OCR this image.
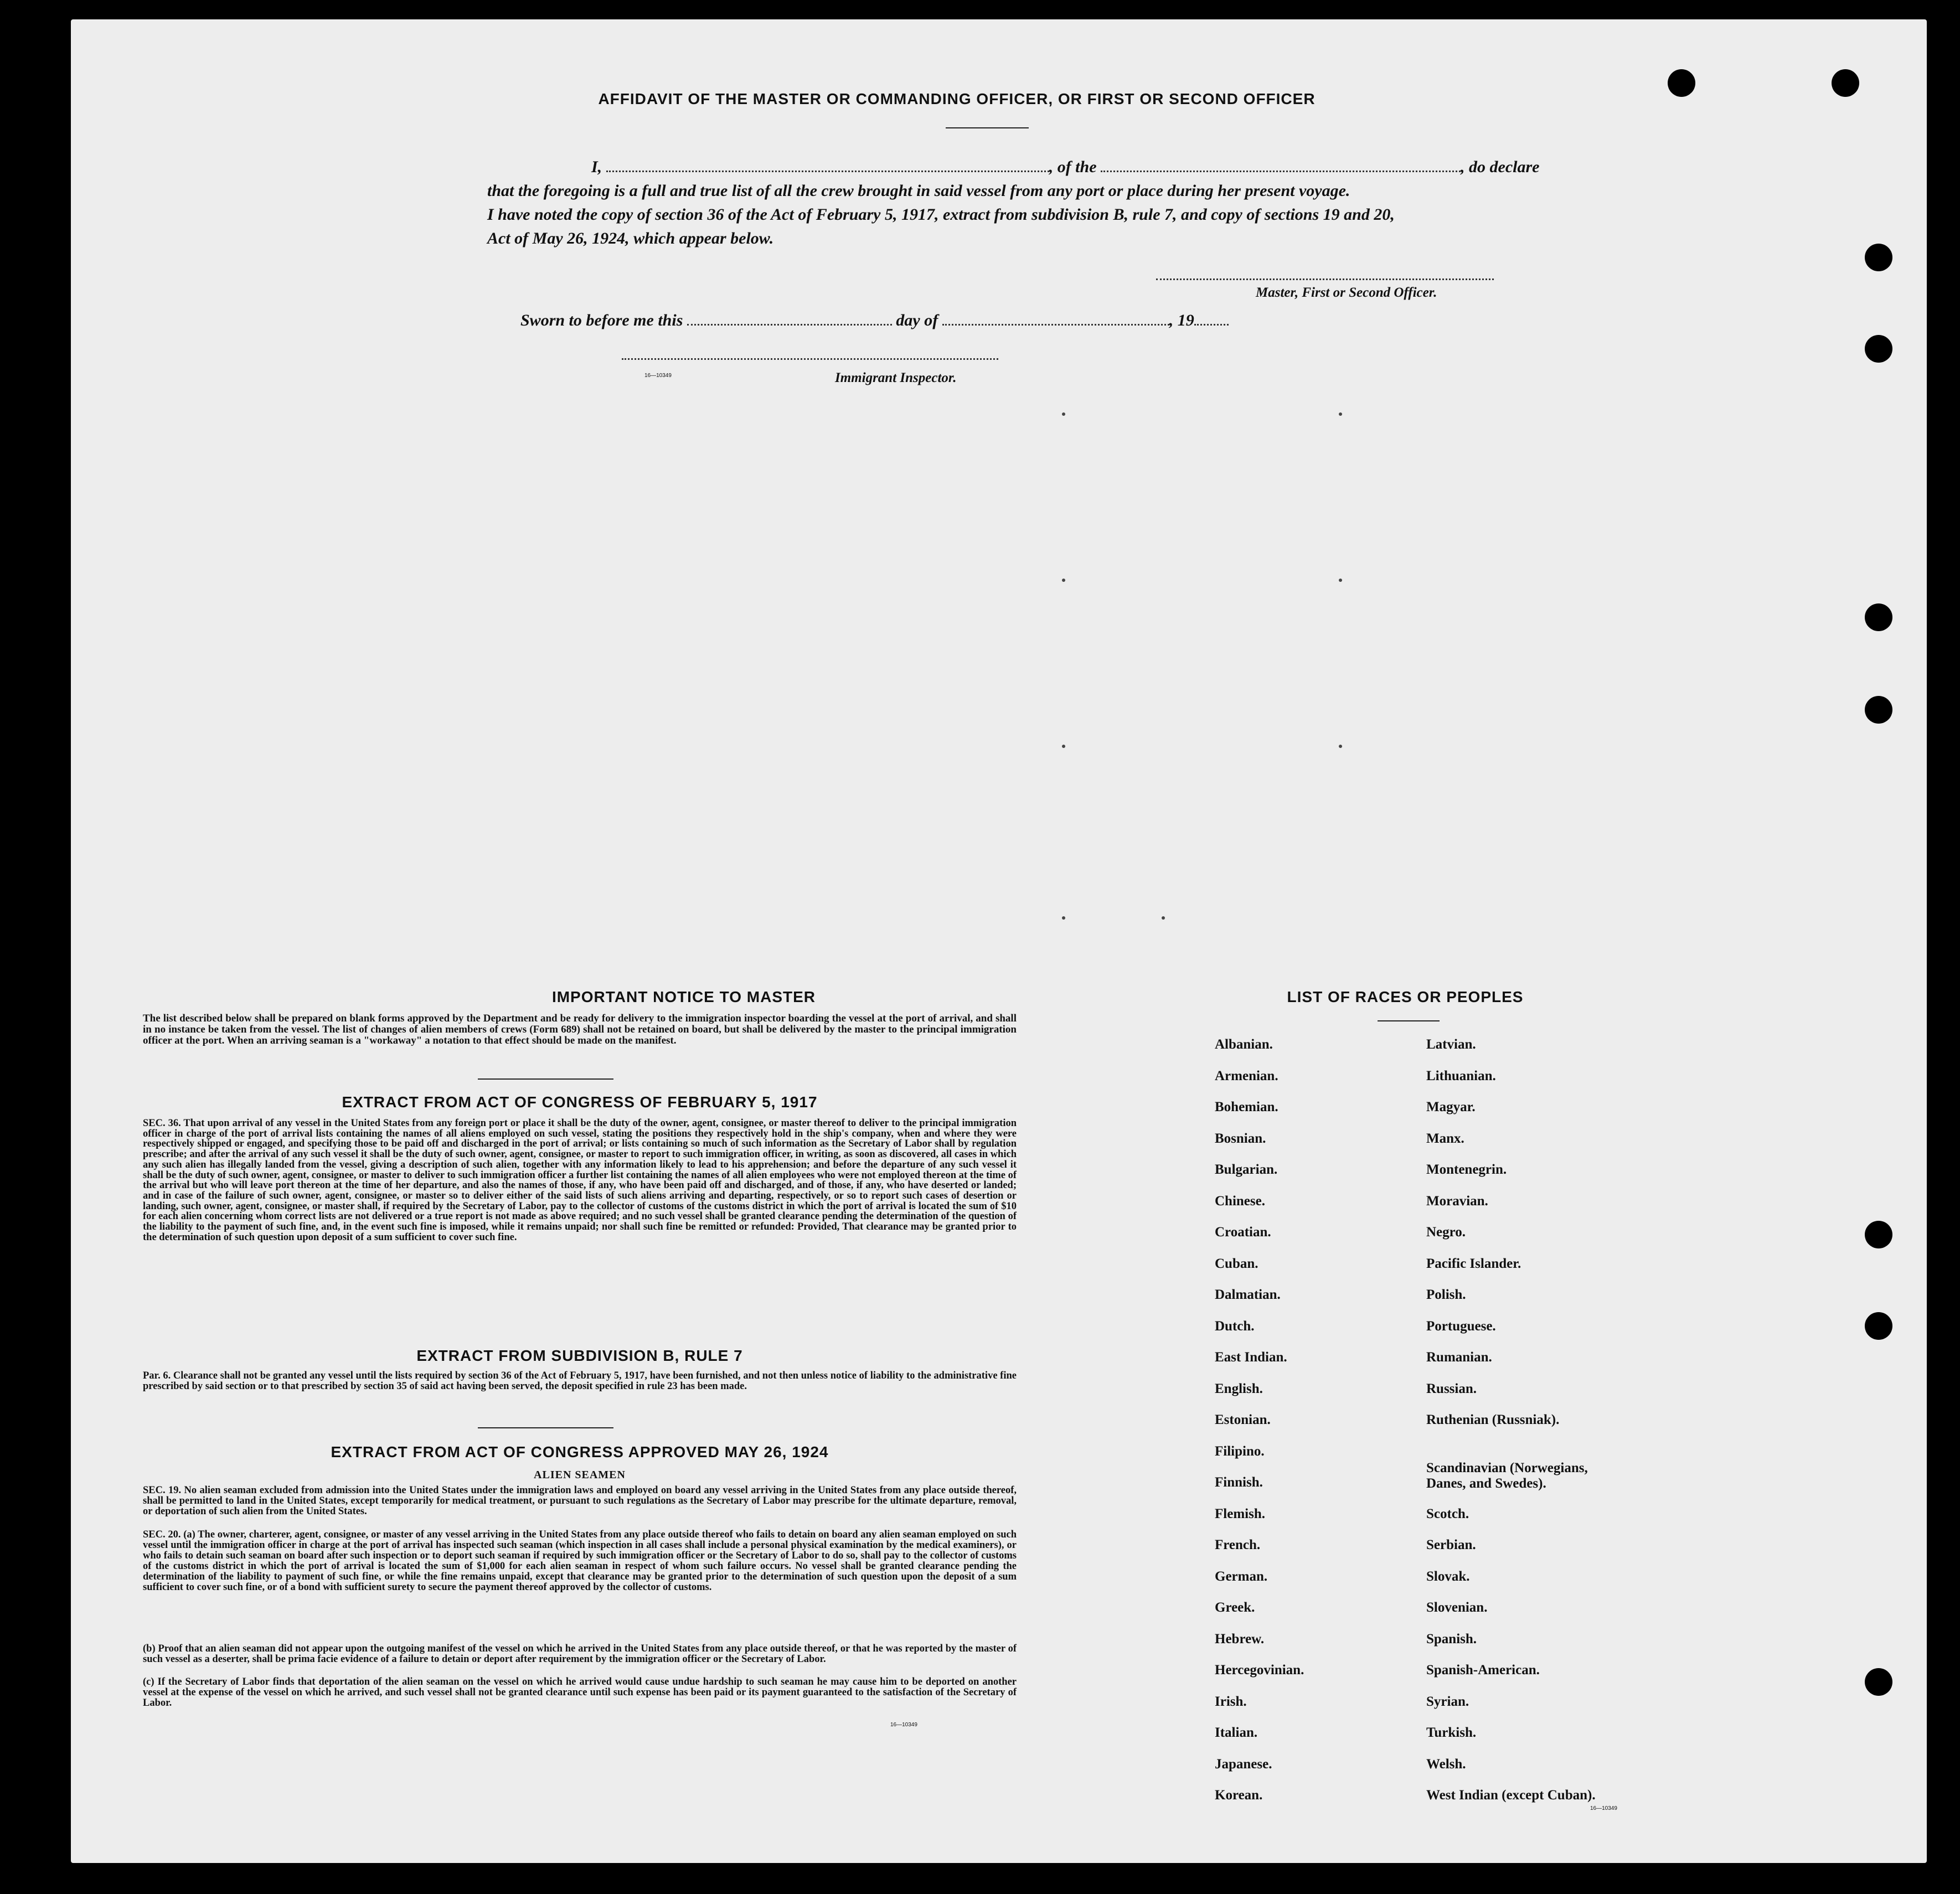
AFFIDAVIT OF THE MASTER OR COMMANDING OFFICER, OR FIRST OR SECOND OFFICER
I,	, of the	, do declare
that the foregoing is a full and true list of all the crew brought in said vessel from any port or place during her present voyage.
I have noted the copy of section 36 of the Act of February 5, 1917, extract from subdivision B, rule 7, and copy of sections 19 and 20,
Act of May 26, 1924, which appear below.
Master, First or Second Officer.
Sworn to before me this	day of	, 19
16—10349	Immigrant Inspector.
IMPORTANT NOTICE TO MASTER
The list described below shall be prepared on blank forms approved by the Department and be ready for delivery to the immigration inspector boarding the vessel at the port of arrival, and shall in no instance be taken from the vessel. The list of changes of alien members of crews (Form 689) shall not be retained on board, but shall be delivered by the master to the principal immigration officer at the port. When an arriving seaman is a "workaway" a notation to that effect should be made on the manifest.
EXTRACT FROM ACT OF CONGRESS OF FEBRUARY 5, 1917
SEC. 36. That upon arrival of any vessel in the United States from any foreign port or place it shall be the duty of the owner, agent, consignee, or master thereof to deliver to the principal immigration officer in charge of the port of arrival lists containing the names of all aliens employed on such vessel, stating the positions they respectively hold in the ship's company, when and where they were respectively shipped or engaged, and specifying those to be paid off and discharged in the port of arrival; or lists containing so much of such information as the Secretary of Labor shall by regulation prescribe; and after the arrival of any such vessel it shall be the duty of such owner, agent, consignee, or master to report to such immigration officer, in writing, as soon as discovered, all cases in which any such alien has illegally landed from the vessel, giving a description of such alien, together with any information likely to lead to his apprehension; and before the departure of any such vessel it shall be the duty of such owner, agent, consignee, or master to deliver to such immigration officer a further list containing the names of all alien employees who were not employed thereon at the time of the arrival but who will leave port thereon at the time of her departure, and also the names of those, if any, who have been paid off and discharged, and of those, if any, who have deserted or landed; and in case of the failure of such owner, agent, consignee, or master so to deliver either of the said lists of such aliens arriving and departing, respectively, or so to report such cases of desertion or landing, such owner, agent, consignee, or master shall, if required by the Secretary of Labor, pay to the collector of customs of the customs district in which the port of arrival is located the sum of $10 for each alien concerning whom correct lists are not delivered or a true report is not made as above required; and no such vessel shall be granted clearance pending the determination of the question of the liability to the payment of such fine, and, in the event such fine is imposed, while it remains unpaid; nor shall such fine be remitted or refunded: Provided, That clearance may be granted prior to the determination of such question upon deposit of a sum sufficient to cover such fine.
EXTRACT FROM SUBDIVISION B, RULE 7
Par. 6. Clearance shall not be granted any vessel until the lists required by section 36 of the Act of February 5, 1917, have been furnished, and not then unless notice of liability to the administrative fine prescribed by said section or to that prescribed by section 35 of said act having been served, the deposit specified in rule 23 has been made.
EXTRACT FROM ACT OF CONGRESS APPROVED MAY 26, 1924
ALIEN SEAMEN
SEC. 19. No alien seaman excluded from admission into the United States under the immigration laws and employed on board any vessel arriving in the United States from any place outside thereof, shall be permitted to land in the United States, except temporarily for medical treatment, or pursuant to such regulations as the Secretary of Labor may prescribe for the ultimate departure, removal, or deportation of such alien from the United States.
SEC. 20. (a) The owner, charterer, agent, consignee, or master of any vessel arriving in the United States from any place outside thereof who fails to detain on board any alien seaman employed on such vessel until the immigration officer in charge at the port of arrival has inspected such seaman (which inspection in all cases shall include a personal physical examination by the medical examiners), or who fails to detain such seaman on board after such inspection or to deport such seaman if required by such immigration officer or the Secretary of Labor to do so, shall pay to the collector of customs of the customs district in which the port of arrival is located the sum of $1,000 for each alien seaman in respect of whom such failure occurs. No vessel shall be granted clearance pending the determination of the liability to payment of such fine, or while the fine remains unpaid, except that clearance may be granted prior to the determination of such question upon the deposit of a sum sufficient to cover such fine, or of a bond with sufficient surety to secure the payment thereof approved by the collector of customs.
(b) Proof that an alien seaman did not appear upon the outgoing manifest of the vessel on which he arrived in the United States from any place outside thereof, or that he was reported by the master of such vessel as a deserter, shall be prima facie evidence of a failure to detain or deport after requirement by the immigration officer or the Secretary of Labor.
(c) If the Secretary of Labor finds that deportation of the alien seaman on the vessel on which he arrived would cause undue hardship to such seaman he may cause him to be deported on another vessel at the expense of the vessel on which he arrived, and such vessel shall not be granted clearance until such expense has been paid or its payment guaranteed to the satisfaction of the Secretary of Labor.
16—10349
LIST OF RACES OR PEOPLES
Albanian.
Armenian.
Bohemian.
Bosnian.
Bulgarian.
Chinese.
Croatian.
Cuban.
Dalmatian.
Dutch.
East Indian.
English.
Estonian.
Filipino.
Finnish.
Flemish.
French.
German.
Greek.
Hebrew.
Hercegovinian.
Irish.
Italian.
Japanese.
Korean.
Latvian.
Lithuanian.
Magyar.
Manx.
Montenegrin.
Moravian.
Negro.
Pacific Islander.
Polish.
Portuguese.
Rumanian.
Russian.
Ruthenian (Russniak).
Scandinavian (Norwegians, Danes, and Swedes).
Scotch.
Serbian.
Slovak.
Slovenian.
Spanish.
Spanish-American.
Syrian.
Turkish.
Welsh.
West Indian (except Cuban).
16—10349
